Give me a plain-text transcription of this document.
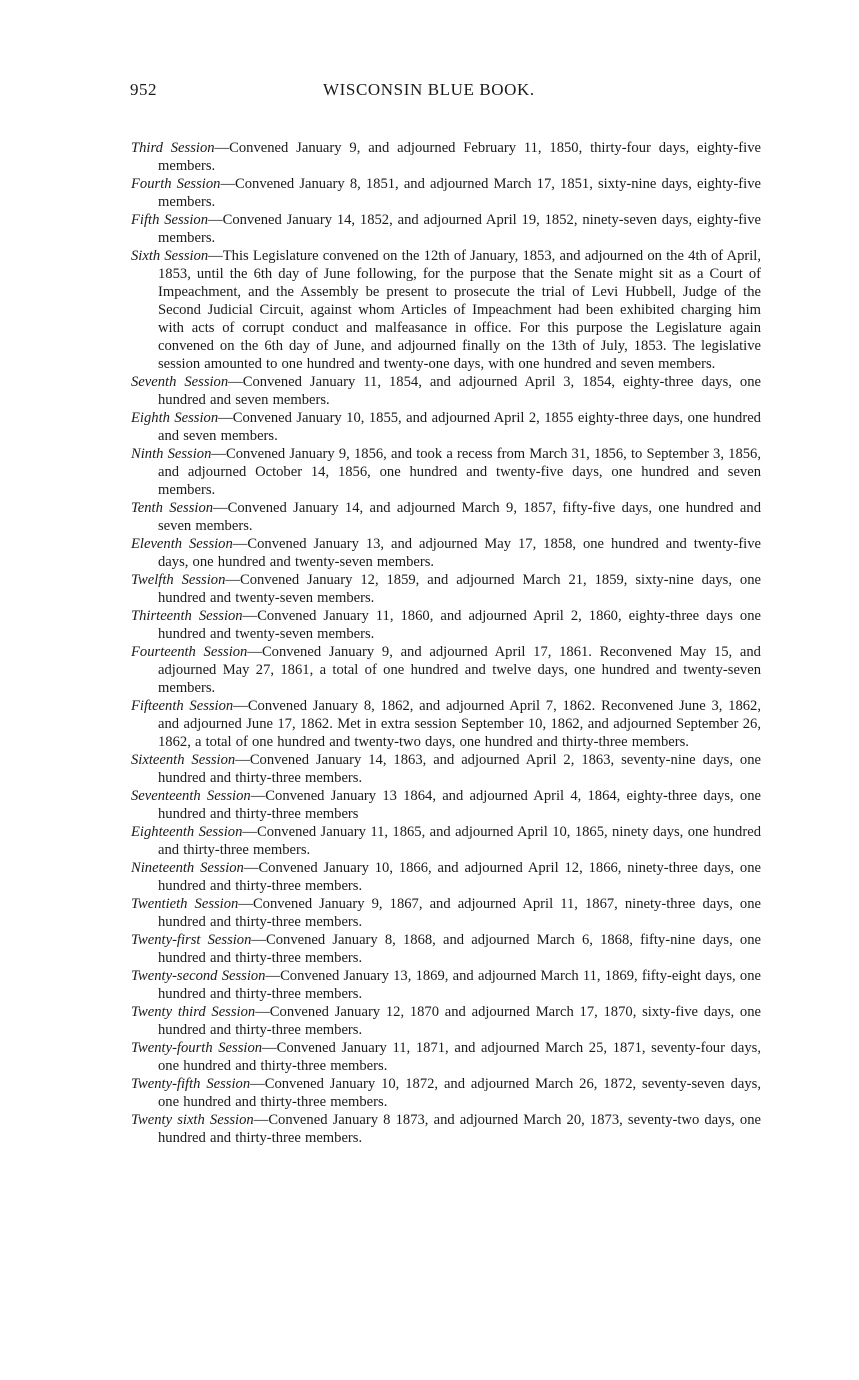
952	WISCONSIN BLUE BOOK.

Third Session—Convened January 9, and adjourned February 11, 1850, thirty-four days, eighty-five members.

Fourth Session—Convened January 8, 1851, and adjourned March 17, 1851, sixty-nine days, eighty-five members.

Fifth Session—Convened January 14, 1852, and adjourned April 19, 1852, ninety-seven days, eighty-five members.

Sixth Session—This Legislature convened on the 12th of January, 1853, and adjourned on the 4th of April, 1853, until the 6th day of June following, for the purpose that the Senate might sit as a Court of Impeachment, and the Assembly be present to prosecute the trial of Levi Hubbell, Judge of the Second Judicial Circuit, against whom Articles of Impeachment had been exhibited charging him with acts of corrupt conduct and malfeasance in office. For this purpose the Legislature again convened on the 6th day of June, and adjourned finally on the 13th of July, 1853. The legislative session amounted to one hundred and twenty-one days, with one hundred and seven members.

Seventh Session—Convened January 11, 1854, and adjourned April 3, 1854, eighty-three days, one hundred and seven members.

Eighth Session—Convened January 10, 1855, and adjourned April 2, 1855 eighty-three days, one hundred and seven members.

Ninth Session—Convened January 9, 1856, and took a recess from March 31, 1856, to September 3, 1856, and adjourned October 14, 1856, one hundred and twenty-five days, one hundred and seven members.

Tenth Session—Convened January 14, and adjourned March 9, 1857, fifty-five days, one hundred and seven members.

Eleventh Session—Convened January 13, and adjourned May 17, 1858, one hundred and twenty-five days, one hundred and twenty-seven members.

Twelfth Session—Convened January 12, 1859, and adjourned March 21, 1859, sixty-nine days, one hundred and twenty-seven members.

Thirteenth Session—Convened January 11, 1860, and adjourned April 2, 1860, eighty-three days one hundred and twenty-seven members.

Fourteenth Session—Convened January 9, and adjourned April 17, 1861. Reconvened May 15, and adjourned May 27, 1861, a total of one hundred and twelve days, one hundred and twenty-seven members.

Fifteenth Session—Convened January 8, 1862, and adjourned April 7, 1862. Reconvened June 3, 1862, and adjourned June 17, 1862. Met in extra session September 10, 1862, and adjourned September 26, 1862, a total of one hundred and twenty-two days, one hundred and thirty-three members.

Sixteenth Session—Convened January 14, 1863, and adjourned April 2, 1863, seventy-nine days, one hundred and thirty-three members.

Seventeenth Session—Convened January 13 1864, and adjourned April 4, 1864, eighty-three days, one hundred and thirty-three members

Eighteenth Session—Convened January 11, 1865, and adjourned April 10, 1865, ninety days, one hundred and thirty-three members.

Nineteenth Session—Convened January 10, 1866, and adjourned April 12, 1866, ninety-three days, one hundred and thirty-three members.

Twentieth Session—Convened January 9, 1867, and adjourned April 11, 1867, ninety-three days, one hundred and thirty-three members.

Twenty-first Session—Convened January 8, 1868, and adjourned March 6, 1868, fifty-nine days, one hundred and thirty-three members.

Twenty-second Session—Convened January 13, 1869, and adjourned March 11, 1869, fifty-eight days, one hundred and thirty-three members.

Twenty third Session—Convened January 12, 1870 and adjourned March 17, 1870, sixty-five days, one hundred and thirty-three members.

Twenty-fourth Session—Convened January 11, 1871, and adjourned March 25, 1871, seventy-four days, one hundred and thirty-three members.

Twenty-fifth Session—Convened January 10, 1872, and adjourned March 26, 1872, seventy-seven days, one hundred and thirty-three members.

Twenty sixth Session—Convened January 8 1873, and adjourned March 20, 1873, seventy-two days, one hundred and thirty-three members.
